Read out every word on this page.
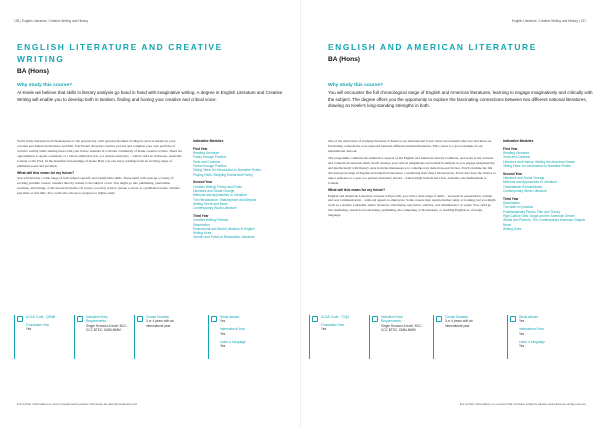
136 | English Literature, Creative Writing and History
ENGLISH LITERATURE AND CREATIVE
WRITING
BA (Hons)
Why study this course?
At Keele we believe that skills in literary analysis go hand in hand with imaginative writing. A degree in English Literature and Creative Writing will enable you to develop both in tandem, finding and honing your creative and critical voice.

You'll study literature from Shakespeare to the present day, with optional modules in subjects such as medieval, post-colonial and American literature and film. You'll learn about the creative process and complete your own portfolio of creative writing while sharing ideas with your fellow students in a vibrant community of Keele creative writers. There are opportunities to spend a semester or a whole additional year at a partner university – which could be in Europe, Australia, Canada or the USA. In the beautiful surroundings of Keele Hall, you can enjoy readings from an exciting range of published poets and novelists.

What will this mean for my future?

You will develop a wide range of both subject-specific and transferable skills. These skills will open up a variety of exciting possible careers, whether directly related to the subject or not. You might go into publishing, journalism, teaching, advertising, or the broadcast media. Of course, you may want to pursue a career as a published writer, whether part-time or full-time. You could also choose to progress to higher study.

Indicative Modules
First Year
Reading Literature
Poetry through Practice
Texts and Contexts
Fiction through Practice
Telling Tales: An Introduction to Narrative Fiction
Playing Parts: Studying Drama and Poetry
Second Year
Creative Writing: Poetry and Prose
Literature and Social Change
Methods and Approaches to Literature
The Renaissance: Shakespeare and Beyond
Writing Genre and Mode
Contemporary World Literature
Third Year
Creative Writing Portfolio
Dissertation
Postcolonial and World Literature in English
Writing Lives
Gender and Power in Restoration Literature
UCAS Code - Q3W8
Foundation Year
Yes
Indicative Entry Requirements:
Single Honours A level: BCC-CCC BTEC: DMM-MMM
Course Duration
3 or 4 years with an international year
Study abroad
Yes
International Year
Yes
Learn a Language
Yes
For further information on entry requirements please visit keele.ac.uk/entryrequirements
English Literature, Creative Writing and History | 137
ENGLISH AND AMERICAN LITERATURE
BA (Hons)
Why study this course?
You will encounter the full chronological range of English and American literatures, learning to engage imaginatively and critically with the subject. The degree offers you the opportunity to explore the fascinating connections between two different national literatures, drawing on Keele's long-standing strengths in both.

One of the attractions of studying literature at Keele is our international focus: tutors and students discover that there are fascinating connections to be explored between different national literatures. This course is a good example of our international outlook.

The programme combines the distinctive aspects of the English and American literary traditions, and looks at the contexts and connections between them. You'll develop your critical judgements and technical analysis as you engage imaginatively and intellectually with literary texts from the Renaissance to contemporary American-epic fiction. You'll examine the full chronological range of English and American literature, considering their direct intersections. You'll also have the chance to take a semester or a year at a partner university abroad – which might include the USA, Australia, the Netherlands or Canada.

What will this mean for my future?

English and American Literature at Keele will provide you with a wide range of skills – in research, presentation, written and oral communication – with real appeal to employers. Some careers may require further study or training, but you might work as a teacher, journalist, editor, librarian, advertising copywriter, solicitor, arts administrator or writer. You could go into marketing, research, broadcasting, publishing, the computing or dictionaries, or teaching English as a foreign language.

Indicative Modules
First Year
Reading Literature
Texts and Contexts
Literature and History: Writing the American Dream
Telling Tales: An Introduction to Narrative Fiction
Second Year
Literature and Social Change
Methods and Approaches to Literature
Transatlantic Romanticisms
Contemporary World Literature
Third Year
Dissertation
The Alien in Question
Postdisciplinary Fiction, Film and Theory
High Culture Girls, Drugs and the American Dream
Words and Pictures: The Contemporary American Graphic Novel
Writing Lives
UCAS Code - T1Q3
Foundation Year
Yes
Indicative Entry Requirements:
Single Honours A level: BCC-CCC BTEC: DMM-MMM
Course Duration
3 or 4 years with an international year
Study abroad
Yes
International Year
Yes
Learn a Language
Yes
For further information on courses that combine subjects please visit keele.ac.uk/ug-courses
